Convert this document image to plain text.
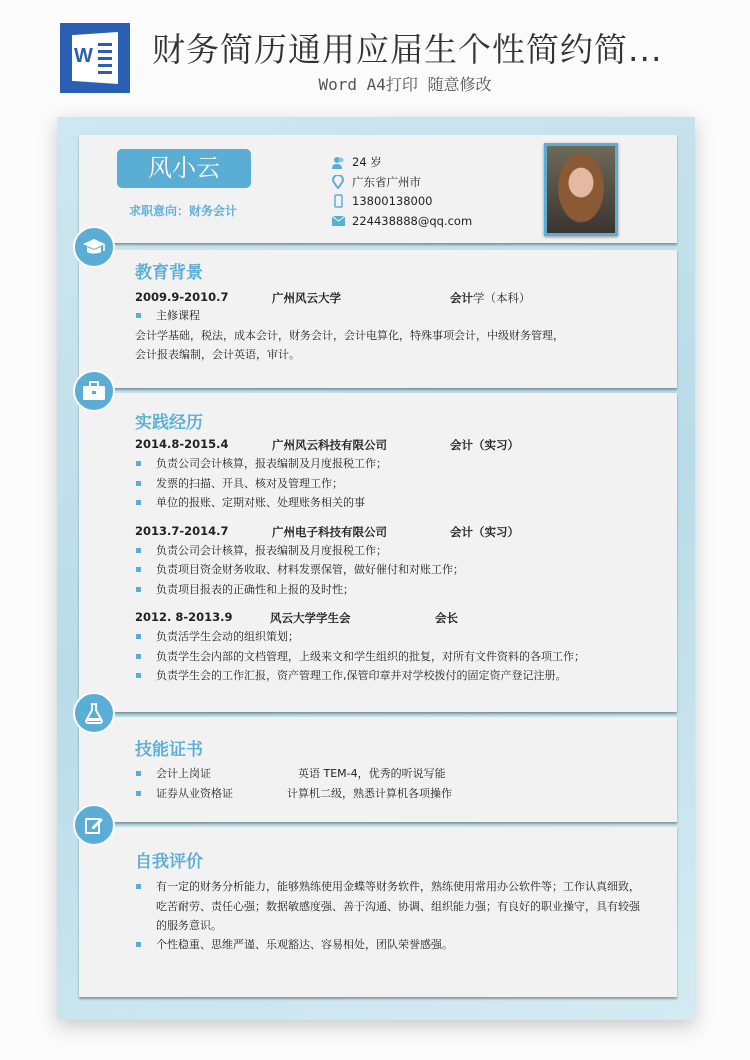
W 财务简历通用应届生个性简约简...
Word A4打印 随意修改
风小云
求职意向：财务会计
24 岁
广东省广州市
13800138000
224438888@qq.com
教育背景
2009.9-2010.7	广州风云大学	会计学（本科）
主修课程
会计学基础，税法，成本会计，财务会计，会计电算化，特殊事项会计，中级财务管理，
会计报表编制，会计英语，审计。
实践经历
2014.8-2015.4	广州风云科技有限公司	会计（实习）
负责公司会计核算，报表编制及月度报税工作；
发票的扫描、开具、核对及管理工作；
单位的报账、定期对账、处理账务相关的事
2013.7-2014.7	广州电子科技有限公司	会计（实习）
负责公司会计核算，报表编制及月度报税工作；
负责项目资金财务收取、材料发票保管，做好催付和对账工作；
负责项目报表的正确性和上报的及时性；
2012. 8-2013.9	风云大学学生会	会长
负责活学生会动的组织策划；
负责学生会内部的文档管理，上级来文和学生组织的批复，对所有文件资料的各项工作；
负责学生会的工作汇报，资产管理工作,保管印章并对学校拨付的固定资产登记注册。
技能证书
会计上岗证	英语 TEM-4，优秀的听说写能
证券从业资格证	计算机二级，熟悉计算机各项操作
自我评价
有一定的财务分析能力，能够熟练使用金蝶等财务软件，熟练使用常用办公软件等；工作认真细致，
吃苦耐劳、责任心强；数据敏感度强、善于沟通、协调、组织能力强；有良好的职业操守，具有较强
的服务意识。
个性稳重、思维严谨、乐观豁达、容易相处，团队荣誉感强。
